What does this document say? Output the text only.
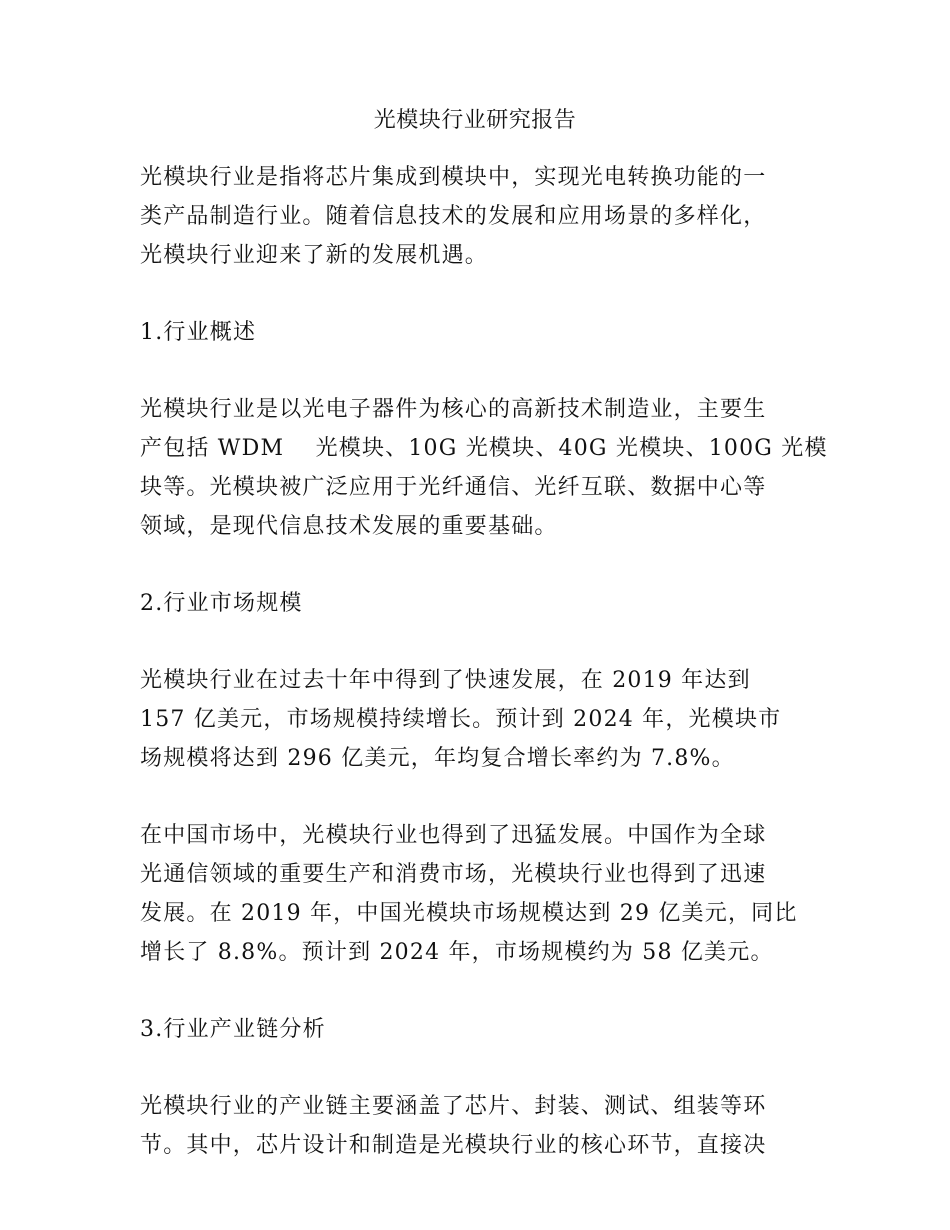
光模块行业研究报告
光模块行业是指将芯片集成到模块中，实现光电转换功能的一
类产品制造行业。随着信息技术的发展和应用场景的多样化，
光模块行业迎来了新的发展机遇。
1.行业概述
光模块行业是以光电子器件为核心的高新技术制造业，主要生
产包括 WDM　 光模块、10G 光模块、40G 光模块、100G 光模
块等。光模块被广泛应用于光纤通信、光纤互联、数据中心等
领域，是现代信息技术发展的重要基础。
2.行业市场规模
光模块行业在过去十年中得到了快速发展，在 2019 年达到
157 亿美元，市场规模持续增长。预计到 2024 年，光模块市
场规模将达到 296 亿美元，年均复合增长率约为 7.8%。
在中国市场中，光模块行业也得到了迅猛发展。中国作为全球
光通信领域的重要生产和消费市场，光模块行业也得到了迅速
发展。在 2019 年，中国光模块市场规模达到 29 亿美元，同比
增长了 8.8%。预计到 2024 年，市场规模约为 58 亿美元。
3.行业产业链分析
光模块行业的产业链主要涵盖了芯片、封装、测试、组装等环
节。其中，芯片设计和制造是光模块行业的核心环节，直接决
